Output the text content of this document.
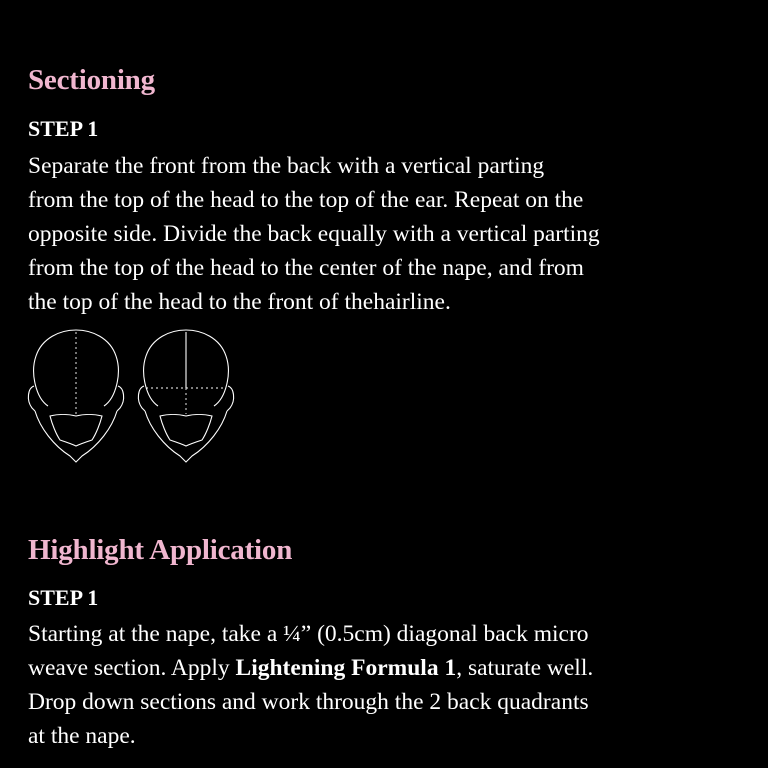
Sectioning
STEP 1

Separate the front from the back with a vertical parting
from the top of the head to the top of the ear. Repeat on the
opposite side. Divide the back equally with a vertical parting
from the top of the head to the center of the nape, and from
the top of the head to the front of thehairline.

Highlight Application
STEP 1

Starting at the nape, take a ¼” (0.5cm) diagonal back micro
weave section. Apply Lightening Formula 1, saturate well.
Drop down sections and work through the 2 back quadrants
at the nape.
